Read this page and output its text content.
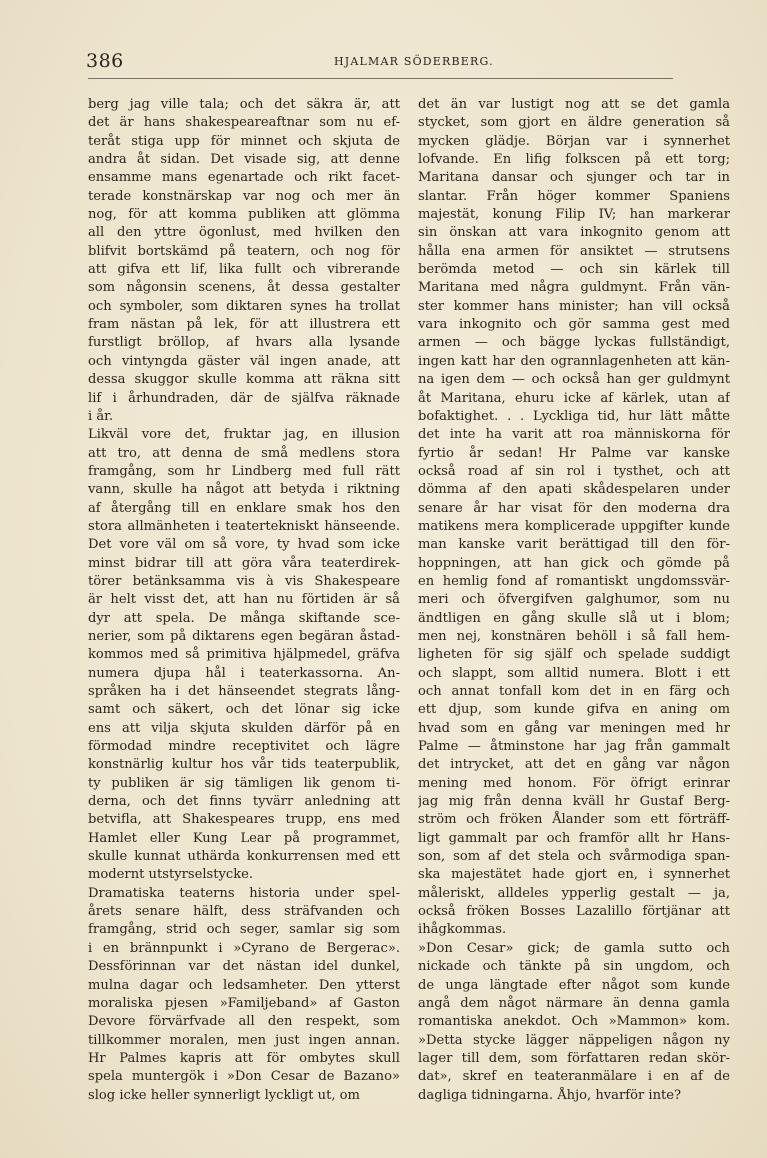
386	HJALMAR SÖDERBERG.
berg jag ville tala; och det säkra är, att
det är hans shakespeareaftnar som nu ef-
teråt stiga upp för minnet och skjuta de
andra åt sidan. Det visade sig, att denne
ensamme mans egenartade och rikt facet-
terade konstnärskap var nog och mer än
nog, för att komma publiken att glömma
all den yttre ögonlust, med hvilken den
blifvit bortskämd på teatern, och nog för
att gifva ett lif, lika fullt och vibrerande
som någonsin scenens, åt dessa gestalter
och symboler, som diktaren synes ha trollat
fram nästan på lek, för att illustrera ett
furstligt bröllop, af hvars alla lysande
och vintyngda gäster väl ingen anade, att
dessa skuggor skulle komma att räkna sitt
lif i århundraden, där de själfva räknade
i år.
Likväl vore det, fruktar jag, en illusion
att tro, att denna de små medlens stora
framgång, som hr Lindberg med full rätt
vann, skulle ha något att betyda i riktning
af återgång till en enklare smak hos den
stora allmänheten i teatertekniskt hänseende.
Det vore väl om så vore, ty hvad som icke
minst bidrar till att göra våra teaterdirek-
törer betänksamma vis à vis Shakespeare
är helt visst det, att han nu förtiden är så
dyr att spela. De många skiftande sce-
nerier, som på diktarens egen begäran åstad-
kommos med så primitiva hjälpmedel, gräfva
numera djupa hål i teaterkassorna. An-
språken ha i det hänseendet stegrats lång-
samt och säkert, och det lönar sig icke
ens att vilja skjuta skulden därför på en
förmodad mindre receptivitet och lägre
konstnärlig kultur hos vår tids teaterpublik,
ty publiken är sig tämligen lik genom ti-
derna, och det finns tyvärr anledning att
betvifla, att Shakespeares trupp, ens med
Hamlet eller Kung Lear på programmet,
skulle kunnat uthärda konkurrensen med ett
modernt utstyrselstycke.
Dramatiska teaterns historia under spel-
årets senare hälft, dess sträfvanden och
framgång, strid och seger, samlar sig som
i en brännpunkt i »Cyrano de Bergerac».
Dessförinnan var det nästan idel dunkel,
mulna dagar och ledsamheter. Den ytterst
moraliska pjesen »Familjeband» af Gaston
Devore förvärfvade all den respekt, som
tillkommer moralen, men just ingen annan.
Hr Palmes kapris att för ombytes skull
spela muntergök i »Don Cesar de Bazano»
slog icke heller synnerligt lyckligt ut, om
det än var lustigt nog att se det gamla
stycket, som gjort en äldre generation så
mycken glädje. Början var i synnerhet
lofvande. En lifig folkscen på ett torg;
Maritana dansar och sjunger och tar in
slantar. Från höger kommer Spaniens
majestät, konung Filip IV; han markerar
sin önskan att vara inkognito genom att
hålla ena armen för ansiktet — strutsens
berömda metod — och sin kärlek till
Maritana med några guldmynt. Från vän-
ster kommer hans minister; han vill också
vara inkognito och gör samma gest med
armen — och bägge lyckas fullständigt,
ingen katt har den ogrannlagenheten att kän-
na igen dem — och också han ger guldmynt
åt Maritana, ehuru icke af kärlek, utan af
bofaktighet. . . Lyckliga tid, hur lätt måtte
det inte ha varit att roa människorna för
fyrtio år sedan! Hr Palme var kanske
också road af sin rol i tysthet, och att
dömma af den apati skådespelaren under
senare år har visat för den moderna dra
matikens mera komplicerade uppgifter kunde
man kanske varit berättigad till den för-
hoppningen, att han gick och gömde på
en hemlig fond af romantiskt ungdomssvär-
meri och öfvergifven galghumor, som nu
ändtligen en gång skulle slå ut i blom;
men nej, konstnären behöll i så fall hem-
ligheten för sig själf och spelade suddigt
och slappt, som alltid numera. Blott i ett
och annat tonfall kom det in en färg och
ett djup, som kunde gifva en aning om
hvad som en gång var meningen med hr
Palme — åtminstone har jag från gammalt
det intrycket, att det en gång var någon
mening med honom. För öfrigt erinrar
jag mig från denna kväll hr Gustaf Berg-
ström och fröken Ålander som ett förträff-
ligt gammalt par och framför allt hr Hans-
son, som af det stela och svårmodiga span-
ska majestätet hade gjort en, i synnerhet
måleriskt, alldeles ypperlig gestalt — ja,
också fröken Bosses Lazalillo förtjänar att
ihågkommas.
»Don Cesar» gick; de gamla sutto och
nickade och tänkte på sin ungdom, och
de unga längtade efter något som kunde
angå dem något närmare än denna gamla
romantiska anekdot. Och »Mammon» kom.
»Detta stycke lägger näppeligen någon ny
lager till dem, som författaren redan skör-
dat», skref en teateranmälare i en af de
dagliga tidningarna. Åhjo, hvarför inte?
